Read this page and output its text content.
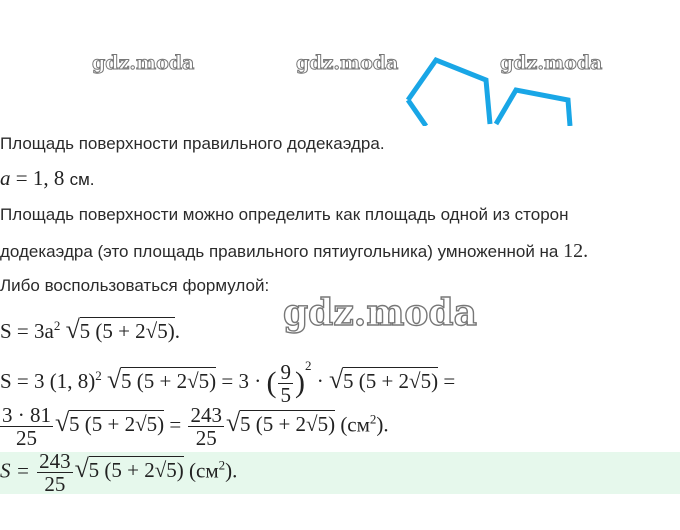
gdz.moda	gdz.moda	gdz.moda
Площадь поверхности правильного додекаэдра.
a = 1, 8 см.
Площадь поверхности можно определить как площадь одной из сторон
додекаэдра (это площадь правильного пятиугольника) умноженной на 12.
Либо воспользоваться формулой:
gdz.moda
$S = 3a^2$ √ 5 (5 + 2√5).
S = 3 (1, 8)$^2$ √ 5 (5 + 2√5) = 3 · ( $\frac{9}{5} )^2$ · √ 5 (5 + 2√5) =
$\frac{3 \cdot 81}{25}$ √ 5 $(5 + 2√5) = \frac{243}{25}$ √ 5 (5 + 2√5) $(см^2)$.
$S = \frac{243}{25}$ √ 5 (5 + 2√5) $(см^2)$.
